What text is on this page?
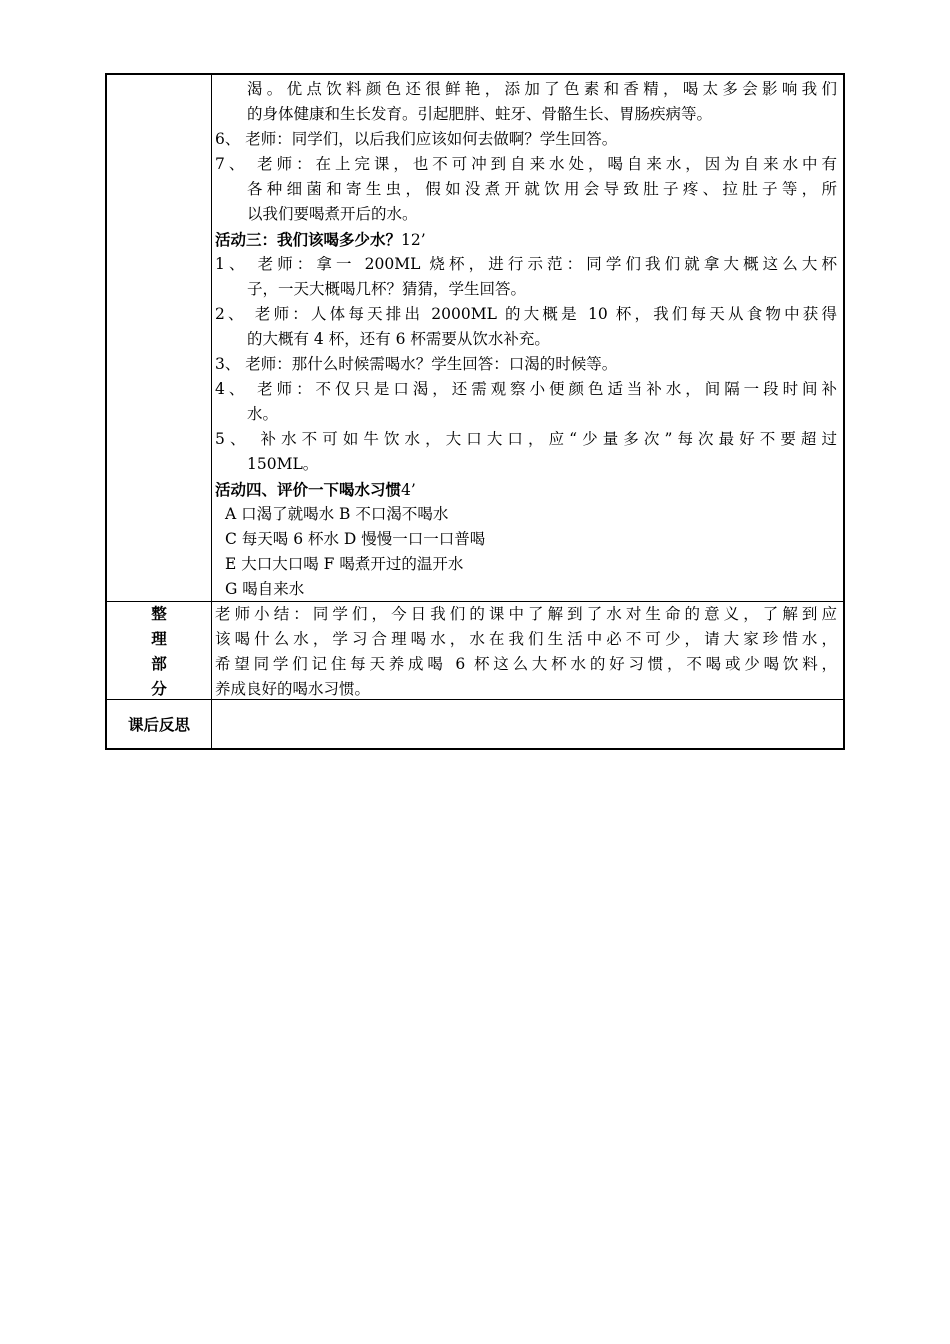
渴。优点饮料颜色还很鲜艳，添加了色素和香精，喝太多会影响我们
的身体健康和生长发育。引起肥胖、蛀牙、骨骼生长、胃肠疾病等。
6、 老师：同学们，以后我们应该如何去做啊？学生回答。
7、 老师：在上完课，也不可冲到自来水处，喝自来水，因为自来水中有
各种细菌和寄生虫，假如没煮开就饮用会导致肚子疼、拉肚子等，所
以我们要喝煮开后的水。
活动三：我们该喝多少水？12’
1、 老师：拿一 200ML 烧杯，进行示范：同学们我们就拿大概这么大杯
子，一天大概喝几杯？猜猜，学生回答。
2、 老师：人体每天排出 2000ML 的大概是 10 杯，我们每天从食物中获得
的大概有 4 杯，还有 6 杯需要从饮水补充。
3、 老师：那什么时候需喝水？学生回答：口渴的时候等。
4、 老师：不仅只是口渴，还需观察小便颜色适当补水，间隔一段时间补
水。
5、 补水不可如牛饮水，大口大口，应“少量多次”每次最好不要超过
150ML。
活动四、评价一下喝水习惯4’
A 口渴了就喝水 B 不口渴不喝水
C 每天喝 6 杯水 D 慢慢一口一口普喝
E 大口大口喝 F 喝煮开过的温开水
G 喝自来水
整
理
部
分
老师小结：同学们，今日我们的课中了解到了水对生命的意义，了解到应
该喝什么水，学习合理喝水，水在我们生活中必不可少，请大家珍惜水，
希望同学们记住每天养成喝 6 杯这么大杯水的好习惯，不喝或少喝饮料，
养成良好的喝水习惯。
课后反思
